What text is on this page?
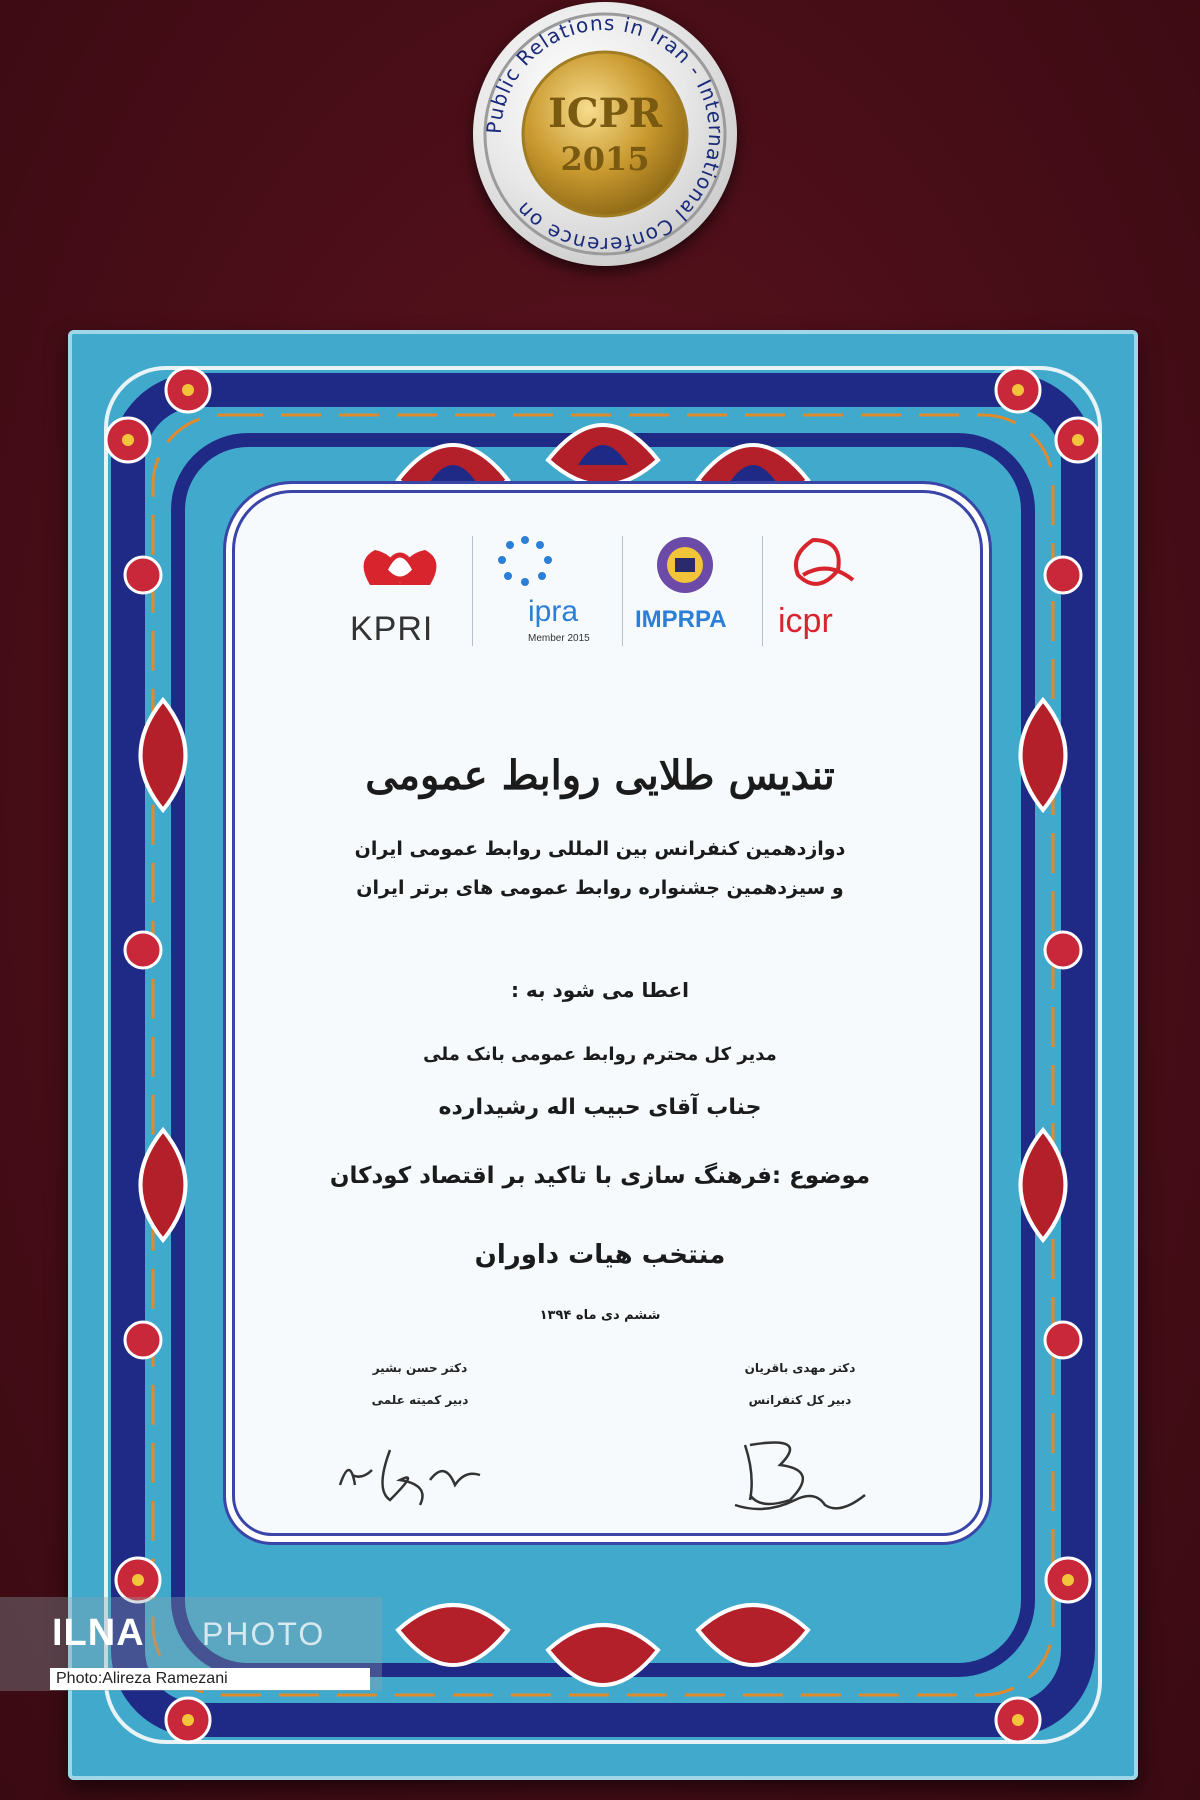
Public Relations in Iran - International Conference on
ICPR
2015
KPRI	ipra
Member 2015
IMPRPA icpr
تندیس طلایی روابط عمومی
دوازدهمین کنفرانس بین المللی روابط عمومی ایران
و سیزدهمین جشنواره روابط عمومی های برتر ایران
اعطا می شود به :
مدیر کل محترم روابط عمومی بانک ملی
جناب آقای حبیب اله رشیدارده
موضوع :فرهنگ سازی با تاکید بر اقتصاد کودکان
منتخب هیات داوران
ششم دی ماه ۱۳۹۴
دکتر مهدی باقریان
دبیر کل کنفرانس
دکتر حسن بشیر
دبیر کمیته علمی
ILNA PHOTO
Photo:Alireza Ramezani
